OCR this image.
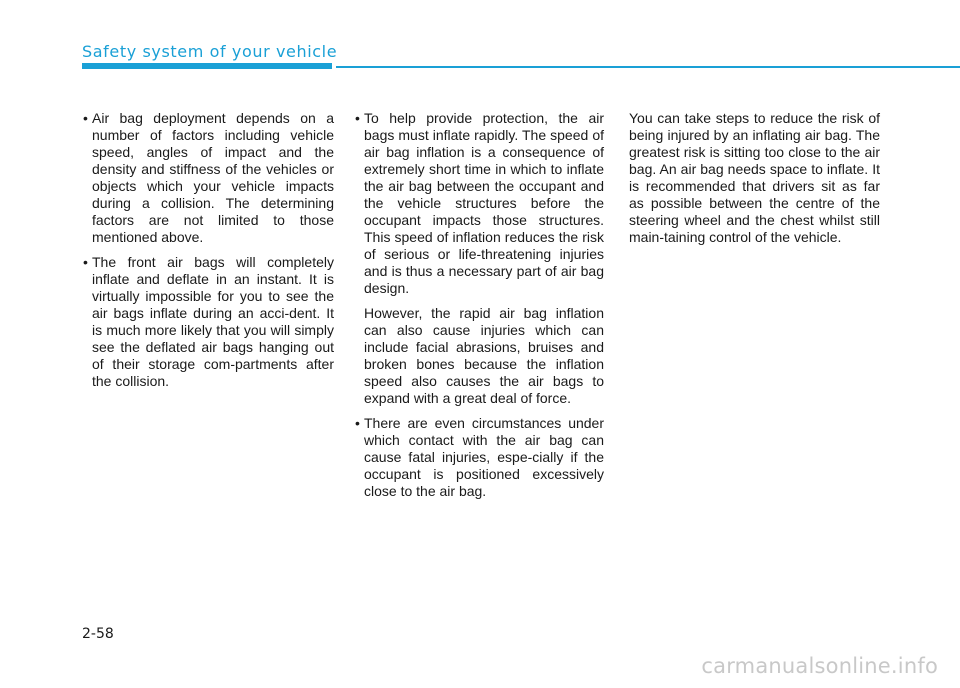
Safety system of your vehicle

• Air bag deployment depends on a number of factors including vehicle speed, angles of impact and the density and stiffness of the vehicles or objects which your vehicle impacts during a collision. The determining factors are not limited to those mentioned above.

• The front air bags will completely inflate and deflate in an instant. It is virtually impossible for you to see the air bags inflate during an acci-dent. It is much more likely that you will simply see the deflated air bags hanging out of their storage com-partments after the collision.

• To help provide protection, the air bags must inflate rapidly. The speed of air bag inflation is a consequence of extremely short time in which to inflate the air bag between the occupant and the vehicle structures before the occupant impacts those structures. This speed of inflation reduces the risk of serious or life-threatening injuries and is thus a necessary part of air bag design.

However, the rapid air bag inflation can also cause injuries which can include facial abrasions, bruises and broken bones because the inflation speed also causes the air bags to expand with a great deal of force.

• There are even circumstances under which contact with the air bag can cause fatal injuries, espe-cially if the occupant is positioned excessively close to the air bag.

You can take steps to reduce the risk of being injured by an inflating air bag. The greatest risk is sitting too close to the air bag. An air bag needs space to inflate. It is recommended that drivers sit as far as possible between the centre of the steering wheel and the chest whilst still main-taining control of the vehicle.

2-58
carmanualsonline.info
